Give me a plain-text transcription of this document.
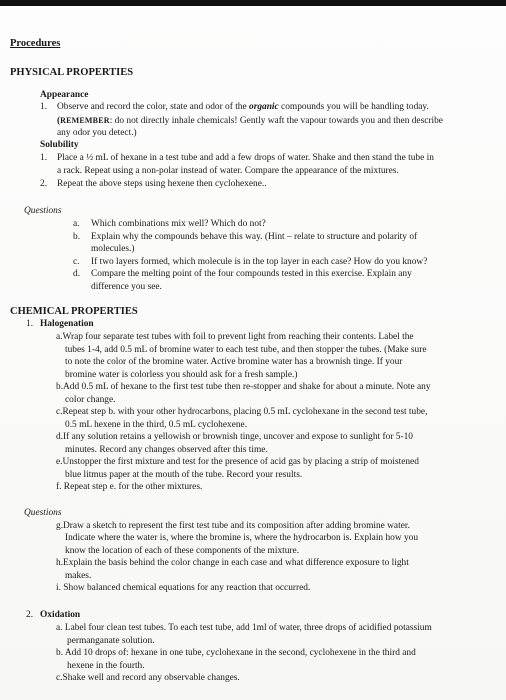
Procedures
PHYSICAL PROPERTIES
Appearance
1. Observe and record the color, state and odor of the organic compounds you will be handling today.
(REMEMBER: do not directly inhale chemicals! Gently waft the vapour towards you and then describe
any odor you detect.)
Solubility
1. Place a ½ mL of hexane in a test tube and add a few drops of water. Shake and then stand the tube in
a rack. Repeat using a non-polar instead of water. Compare the appearance of the mixtures.
2. Repeat the above steps using hexene then cyclohexene..
Questions
a. Which combinations mix well? Which do not?
b. Explain why the compounds behave this way. (Hint – relate to structure and polarity of
molecules.)
c. If two layers formed, which molecule is in the top layer in each case? How do you know?
d. Compare the melting point of the four compounds tested in this exercise. Explain any
difference you see.
CHEMICAL PROPERTIES
1. Halogenation
a.Wrap four separate test tubes with foil to prevent light from reaching their contents. Label the
tubes 1-4, add 0.5 mL of bromine water to each test tube, and then stopper the tubes. (Make sure
to note the color of the bromine water. Active bromine water has a brownish tinge. If your
bromine water is colorless you should ask for a fresh sample.)
b.Add 0.5 mL of hexane to the first test tube then re-stopper and shake for about a minute. Note any
color change.
c.Repeat step b. with your other hydrocarbons, placing 0.5 mL cyclohexane in the second test tube,
0.5 mL hexene in the third, 0.5 mL cyclohexene.
d.If any solution retains a yellowish or brownish tinge, uncover and expose to sunlight for 5-10
minutes. Record any changes observed after this time.
e.Unstopper the first mixture and test for the presence of acid gas by placing a strip of moistened
blue litmus paper at the mouth of the tube. Record your results.
f. Repeat step e. for the other mixtures.
Questions
g.Draw a sketch to represent the first test tube and its composition after adding bromine water.
Indicate where the water is, where the bromine is, where the hydrocarbon is. Explain how you
know the location of each of these components of the mixture.
h.Explain the basis behind the color change in each case and what difference exposure to light
makes.
i. Show balanced chemical equations for any reaction that occurred.
2. Oxidation
a. Label four clean test tubes. To each test tube, add 1ml of water, three drops of acidified potassium
permanganate solution.
b. Add 10 drops of: hexane in one tube, cyclohexane in the second, cyclohexene in the third and
hexene in the fourth.
c.Shake well and record any observable changes.
